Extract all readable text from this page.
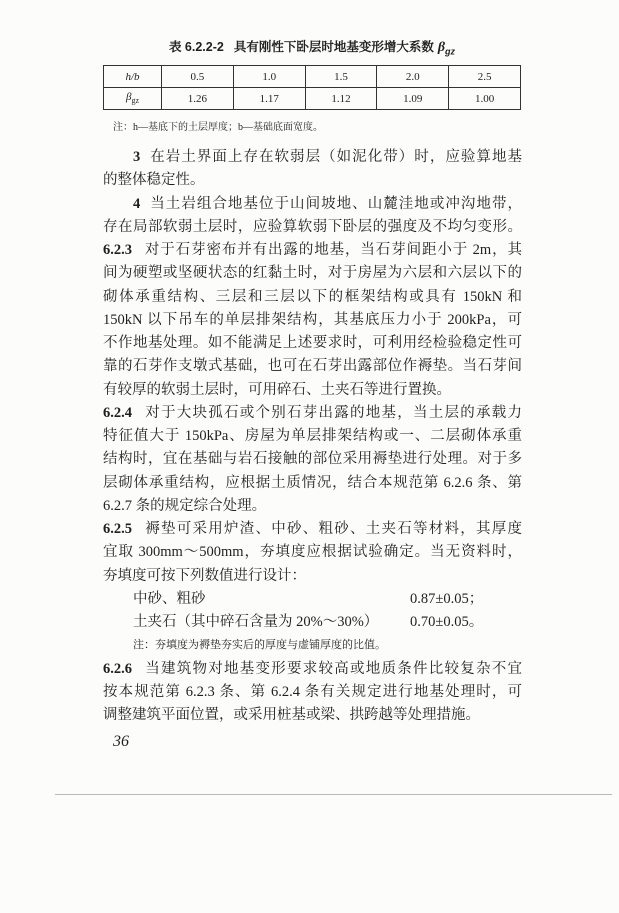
表 6.2.2-2 具有刚性下卧层时地基变形增大系数 $\beta_{gz}$
h/b	0.5	1.0	1.5	2.0	2.5
$\beta_{gz}$	1.26	1.17	1.12	1.09	1.00
注：h—基底下的土层厚度；b—基础底面宽度。
3 在岩土界面上存在软弱层（如泥化带）时，应验算地基
的整体稳定性。
4 当土岩组合地基位于山间坡地、山麓洼地或冲沟地带，
存在局部软弱土层时，应验算软弱下卧层的强度及不均匀变形。
6.2.3 对于石芽密布并有出露的地基，当石芽间距小于 2m，其
间为硬塑或坚硬状态的红黏土时，对于房屋为六层和六层以下的
砌体承重结构、三层和三层以下的框架结构或具有 150kN 和
150kN 以下吊车的单层排架结构，其基底压力小于 200kPa，可
不作地基处理。如不能满足上述要求时，可利用经检验稳定性可
靠的石芽作支墩式基础，也可在石芽出露部位作褥垫。当石芽间
有较厚的软弱土层时，可用碎石、土夹石等进行置换。
6.2.4 对于大块孤石或个别石芽出露的地基，当土层的承载力
特征值大于 150kPa、房屋为单层排架结构或一、二层砌体承重
结构时，宜在基础与岩石接触的部位采用褥垫进行处理。对于多
层砌体承重结构，应根据土质情况，结合本规范第 6.2.6 条、第
6.2.7 条的规定综合处理。
6.2.5 褥垫可采用炉渣、中砂、粗砂、土夹石等材料，其厚度
宜取 300mm～500mm，夯填度应根据试验确定。当无资料时，
夯填度可按下列数值进行设计：
中砂、粗砂	0.87±0.05；
土夹石（其中碎石含量为 20%～30%） 0.70±0.05。
注：夯填度为褥垫夯实后的厚度与虚铺厚度的比值。
6.2.6 当建筑物对地基变形要求较高或地质条件比较复杂不宜
按本规范第 6.2.3 条、第 6.2.4 条有关规定进行地基处理时，可
调整建筑平面位置，或采用桩基或梁、拱跨越等处理措施。
36
